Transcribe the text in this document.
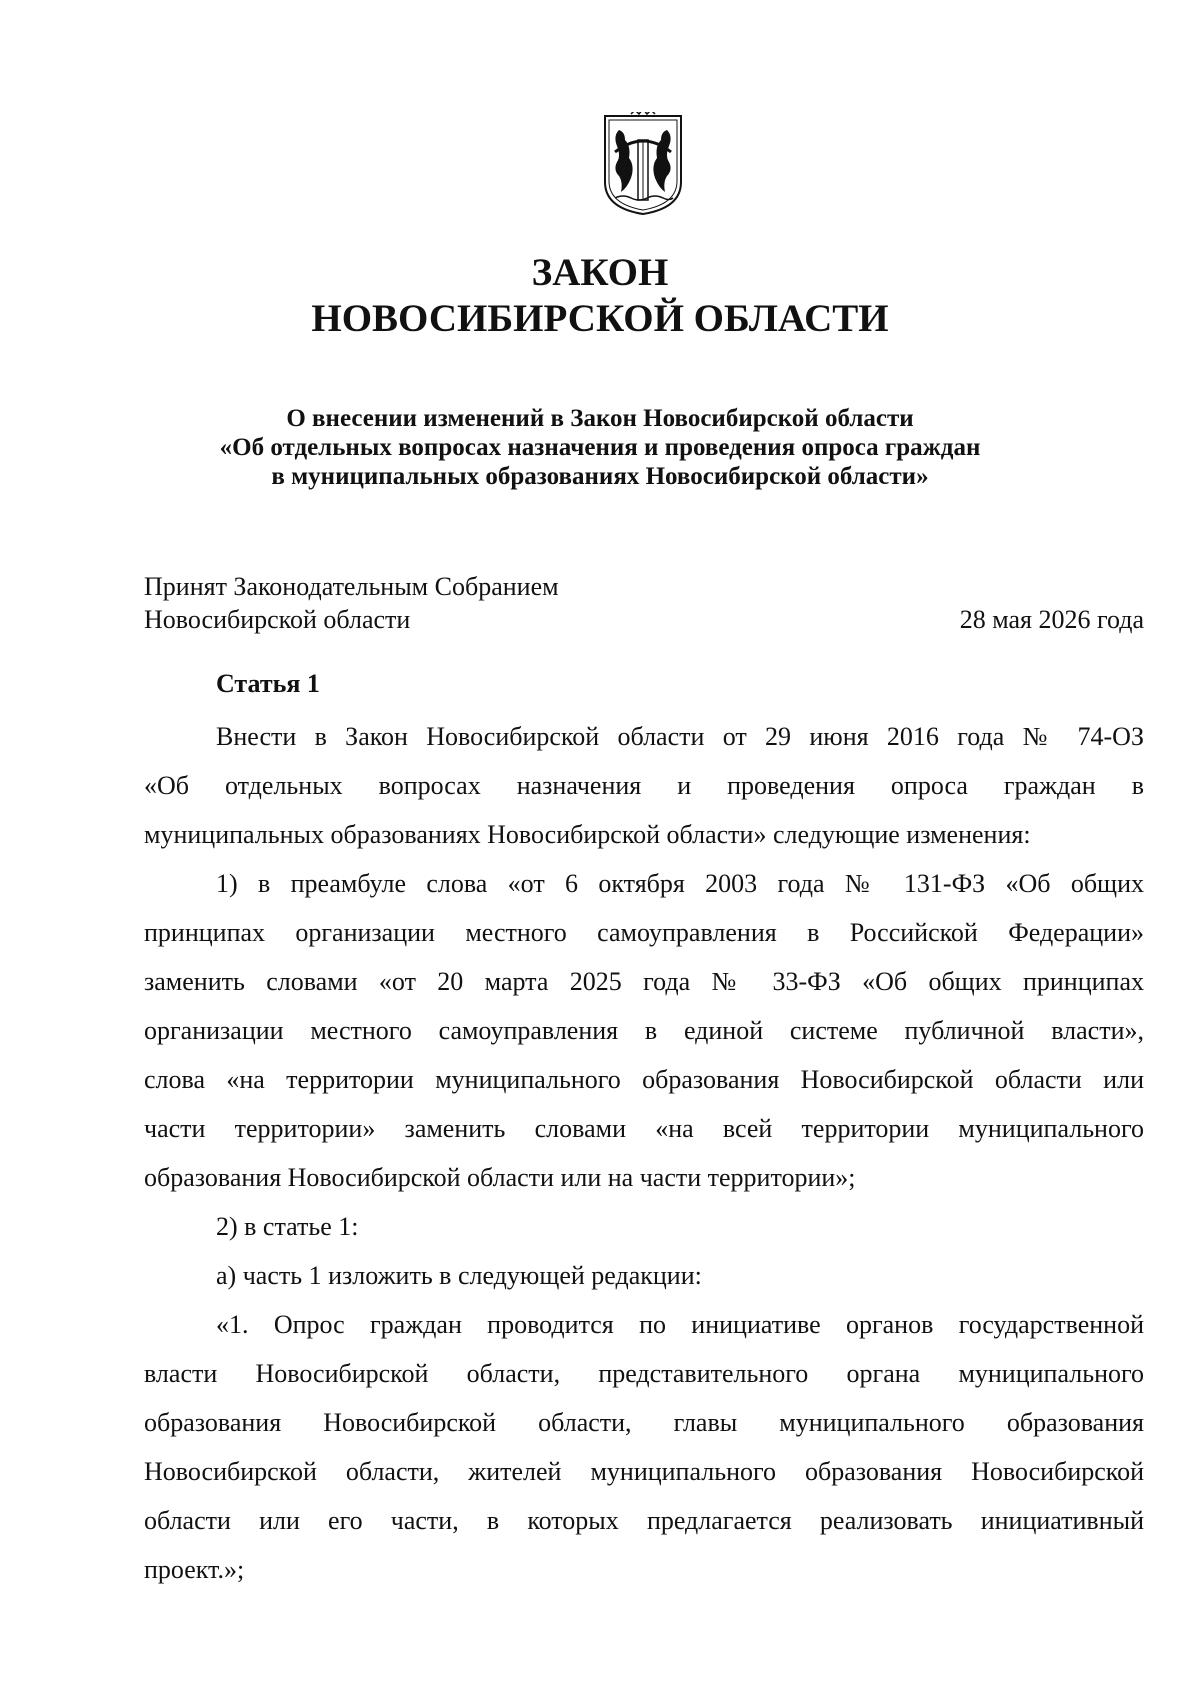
ЗАКОН
НОВОСИБИРСКОЙ ОБЛАСТИ
О внесении изменений в Закон Новосибирской области
«Об отдельных вопросах назначения и проведения опроса граждан
в муниципальных образованиях Новосибирской области»
Принят Законодательным Собранием
Новосибирской области	28 мая 2026 года
Статья 1
Внести в Закон Новосибирской области от 29 июня 2016 года № 74-ОЗ
«Об отдельных вопросах назначения и проведения опроса граждан в
муниципальных образованиях Новосибирской области» следующие изменения:
1) в преамбуле слова «от 6 октября 2003 года № 131-ФЗ «Об общих
принципах организации местного самоуправления в Российской Федерации»
заменить словами «от 20 марта 2025 года № 33-ФЗ «Об общих принципах
организации местного самоуправления в единой системе публичной власти»,
слова «на территории муниципального образования Новосибирской области или
части территории» заменить словами «на всей территории муниципального
образования Новосибирской области или на части территории»;
2) в статье 1:
а) часть 1 изложить в следующей редакции:
«1. Опрос граждан проводится по инициативе органов государственной
власти Новосибирской области, представительного органа муниципального
образования Новосибирской области, главы муниципального образования
Новосибирской области, жителей муниципального образования Новосибирской
области или его части, в которых предлагается реализовать инициативный
проект.»;
